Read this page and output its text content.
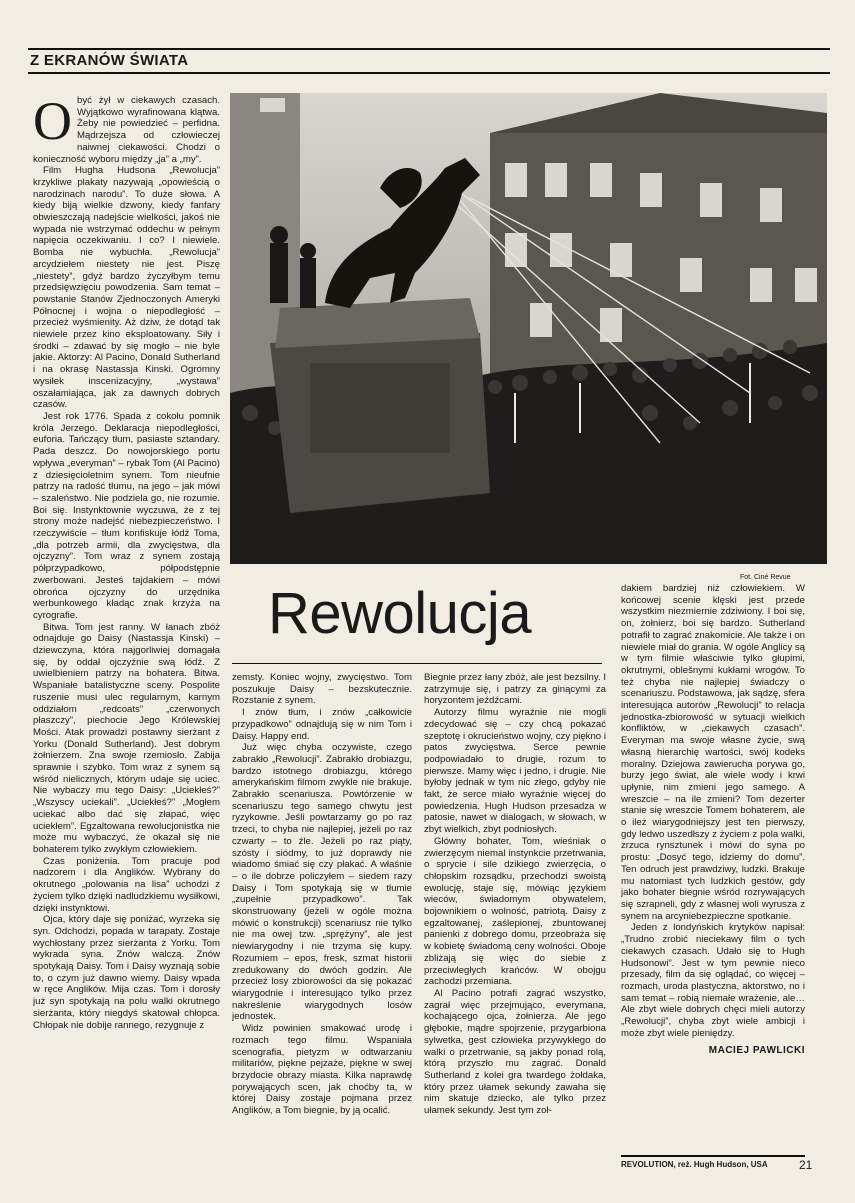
Z EKRANÓW ŚWIATA
O być żył w ciekawych czasach. Wyjątkowo wyrafinowana klątwa. Żeby nie powiedzieć – perfidna. Mądrzejsza od człowieczej naiwnej ciekawości. Chodzi o konieczność wyboru między „ja” a „my”.

Film Hugha Hudsona „Rewolucja” krzykliwe plakaty nazywają „opowieścią o narodzinach narodu”. To duże słowa. A kiedy biją wielkie dzwony, kiedy fanfary obwieszczają nadejście wielkości, jakoś nie wypada nie wstrzymać oddechu w pełnym napięcia oczekiwaniu. I co? I niewiele. Bomba nie wybuchła. „Rewolucja” arcydziełem niestety nie jest. Piszę „niestety”, gdyż bardzo życzyłbym temu przedsięwzięciu powodzenia. Sam temat – powstanie Stanów Zjednoczonych Ameryki Północnej i wojna o niepodległość – przecież wyśmienity. Aż dziw, że dotąd tak niewiele przez kino eksploatowany. Siły i środki – zdawać by się mogło – nie byle jakie. Aktorzy: Al Pacino, Donald Sutherland i na okrasę Nastassja Kinski. Ogromny wysiłek inscenizacyjny, „wystawa” oszałamiająca, jak za dawnych dobrych czasów.

Jest rok 1776. Spada z cokołu pomnik króla Jerzego. Deklaracja niepodległości, euforia. Tańczący tłum, pasiaste sztandary. Pada deszcz. Do nowojorskiego portu wpływa „everyman” – rybak Tom (Al Pacino) z dziesięcioletnim synem. Tom nieufnie patrzy na radość tłumu, na jego – jak mówi – szaleństwo. Nie podziela go, nie rozumie. Boi się. Instynktownie wyczuwa, że z tej strony może nadejść niebezpieczeństwo. I rzeczywiście – tłum konfiskuje łódź Toma, „dla potrzeb armii, dla zwycięstwa, dla ojczyzny”. Tom wraz z synem zostają półprzypadkowo, półpodstępnie zwerbowani. Jesteś tajdakiem – mówi obrońca ojczyzny do urzędnika werbunkowego kładąc znak krzyża na cyrografie.

Bitwa. Tom jest ranny. W łanach zbóż odnajduje go Daisy (Nastassja Kinski) – dziewczyna, która najgorliwiej domagała się, by oddał ojczyźnie swą łódź. Z uwielbieniem patrzy na bohatera. Bitwa. Wspaniałe batalistyczne sceny. Pospolite ruszenie musi ulec regularnym, karnym oddziałom „redcoats” „czerwonych płaszczy”, piechocie Jego Królewskiej Mości. Atak prowadzi postawny sierżant z Yorku (Donald Sutherland). Jest dobrym żołnierzem. Zna swoje rzemiosło. Zabija sprawnie i szybko. Tom wraz z synem są wśród nielicznych, którym udaje się uciec. Nie wybaczy mu tego Daisy: „Uciekłeś?” „Wszyscy uciekali”. „Uciekłeś?” „Mogłem uciekać albo dać się złapać, więc uciekłem”. Egzaltowana rewolucjonistka nie może mu wybaczyć, że okazał się nie bohaterem tylko zwykłym człowiekiem.

Czas poniżenia. Tom pracuje pod nadzorem i dla Anglików. Wybrany do okrutnego „polowania na lisa” uchodzi z życiem tylko dzięki nadludzkiemu wysiłkowi, dzięki instynktowi.

Ojca, który daje się poniżać, wyrzeka się syn. Odchodzi, popada w tarapaty. Zostaje wychłostany przez sierżanta z Yorku. Tom wykrada syna. Znów walczą. Znów spotykają Daisy. Tom i Daisy wyznają sobie to, o czym już dawno wiemy. Daisy wpada w ręce Anglików. Mija czas. Tom i dorosły już syn spotykają na polu walki okrutnego sierżanta, który niegdyś skatował chłopca. Chłopak nie dobije rannego, rezygnuje z

Fot. Ciné Revue

Rewolucja

zemsty. Koniec wojny, zwycięstwo. Tom poszukuje Daisy – bezskutecznie. Rozstanie z synem.

I znów tłum, i znów „całkowicie przypadkowo” odnajdują się w nim Tom i Daisy. Happy end.

Już więc chyba oczywiste, czego zabrakło „Rewolucji”. Zabrakło drobiazgu, bardzo istotnego drobiazgu, którego amerykańskim filmom zwykle nie brakuje. Zabrakło scenariusza. Powtórzenie w scenariuszu tego samego chwytu jest ryzykowne. Jeśli powtarzamy go po raz trzeci, to chyba nie najlepiej, jeżeli po raz czwarty – to źle. Jeżeli po raz piąty, szósty i siódmy, to już doprawdy nie wiadomo śmiać się czy płakać. A właśnie – o ile dobrze policzyłem – siedem razy Daisy i Tom spotykają się w tłumie „zupełnie przypadkowo”. Tak skonstruowany (jeżeli w ogóle można mówić o konstrukcji) scenariusz nie tylko nie ma owej tzw. „sprężyny”, ale jest niewiarygodny i nie trzyma się kupy. Rozumiem – epos, fresk, szmat historii zredukowany do dwóch godzin. Ale przecież losy zbiorowości da się pokazać wiarygodnie i interesująco tylko przez nakreślenie wiarygodnych losów jednostek.

Widz powinien smakować urodę i rozmach tego filmu. Wspaniała scenografia, pietyzm w odtwarzaniu militariów, piękne pejzaże, piękne w swej brzydocie obrazy miasta. Kilka naprawdę porywających scen, jak choćby ta, w której Daisy zostaje pojmana przez Anglików, a Tom biegnie, by ją ocalić.

Biegnie przez łany zbóż, ale jest bezsilny. I zatrzymuje się, i patrzy za ginącymi za horyzontem jeźdźcami.

Autorzy filmu wyraźnie nie mogli zdecydować się – czy chcą pokazać szeptotę i okrucieństwo wojny, czy piękno i patos zwycięstwa. Serce pewnie podpowiadało to drugie, rozum to pierwsze. Mamy więc i jedno, i drugie. Nie byłoby jednak w tym nic złego, gdyby nie fakt, że serce miało wyraźnie więcej do powiedzenia. Hugh Hudson przesadza w patosie, nawet w dialogach, w słowach, w zbyt wielkich, zbyt podniosłych.

Główny bohater, Tom, wieśniak o zwierzęcym niemal instynkcie przetrwania, o sprycie i sile dzikiego zwierzęcia, o chłopskim rozsądku, przechodzi swoistą ewolucję, staje się, mówiąc językiem wieców, świadomym obywatelem, bojownikiem o wolność, patriotą. Daisy z egzaltowanej, zaślepionej, zbuntowanej panienki z dobrego domu, przeobraża się w kobietę świadomą ceny wolności. Oboje zbliżają się więc do siebie z przeciwległych krańców. W obojgu zachodzi przemiana.

Al Pacino potrafi zagrać wszystko, zagrał więc przejmująco, everymana, kochającego ojca, żołnierza. Ale jego głębokie, mądre spojrzenie, przygarbiona sylwetka, gest człowieka przywykłego do walki o przetrwanie, są jakby ponad rolą, którą przyszło mu zagrać. Donald Sutherland z kolei gra twardego żołdaka, który przez ułamek sekundy zawaha się nim skatuje dziecko, ale tylko przez ułamek sekundy. Jest tym zoł-

dakiem bardziej niż człowiekiem. W końcowej scenie klęski jest przede wszystkim niezmiernie zdziwiony. I boi się, on, żołnierz, boi się bardzo. Sutherland potrafił to zagrać znakomicie. Ale także i on niewiele miał do grania. W ogóle Anglicy są w tym filmie właściwie tylko głupimi, okrutnymi, oblešnymi kukłami wrogów. To też chyba nie najlepiej świadczy o scenariuszu. Podstawowa, jak sądzę, sfera interesująca autorów „Rewolucji” to relacja jednostka-zbiorowość w sytuacji wielkich konfliktów, w „ciekawych czasach”. Everyman ma swoje własne życie, swą własną hierarchię wartości, swój kodeks moralny. Dziejowa zawierucha porywa go, burzy jego świat, ale wiele wody i krwi upłynie, nim zmieni jego samego. A wreszcie – na ile zmieni? Tom dezerter stanie się wreszcie Tomem bohaterem, ale o ileż wiarygodniejszy jest ten pierwszy, gdy ledwo uszedłszy z życiem z pola walki, zrzuca rynsztunek i mówi do syna po prostu: „Dosyć tego, idziemy do domu”. Ten odruch jest prawdziwy, ludzki. Brakuje mu natomiast tych ludzkich gestów, gdy jako bohater biegnie wśród rozrywających się szrapneli, gdy z własnej woli wyrusza z synem na arcyniebezpieczne spotkanie.

Jeden z londyńskich krytyków napisał: „Trudno zrobić nieciekawy film o tych ciekawych czasach. Udało się to Hugh Hudsonowi”. Jest w tym pewnie nieco przesady, film da się oglądać, co więcej – rozmach, uroda plastyczna, aktorstwo, no i sam temat – robią niemałe wrażenie, ale… Ale zbyt wiele dobrych chęci mieli autorzy „Rewolucji”, chyba zbyt wiele ambicji i może zbyt wiele pieniędzy.

MACIEJ PAWLICKI

REVOLUTION, reż. Hugh Hudson, USA	21
